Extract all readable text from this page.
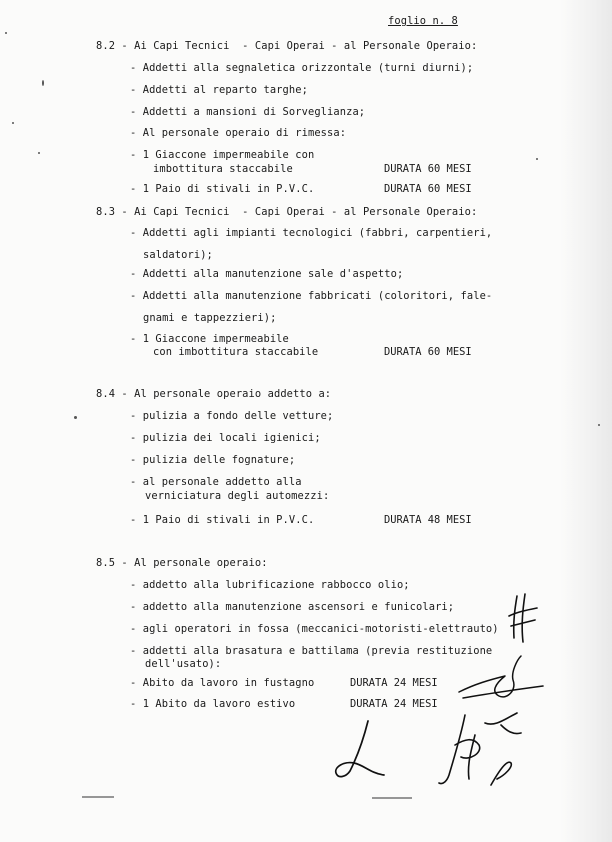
foglio n. 8
8.2 - Ai Capi Tecnici  - Capi Operai - al Personale Operaio:
- Addetti alla segnaletica orizzontale (turni diurni);
- Addetti al reparto targhe;
- Addetti a mansioni di Sorveglianza;
- Al personale operaio di rimessa:
- 1 Giaccone impermeabile con
imbottitura staccabile	DURATA 60 MESI
- 1 Paio di stivali in P.V.C.	DURATA 60 MESI
8.3 - Ai Capi Tecnici  - Capi Operai - al Personale Operaio:
- Addetti agli impianti tecnologici (fabbri, carpentieri,
saldatori);
- Addetti alla manutenzione sale d'aspetto;
- Addetti alla manutenzione fabbricati (coloritori, fale-
gnami e tappezzieri);
- 1 Giaccone impermeabile
con imbottitura staccabile	DURATA 60 MESI
8.4 - Al personale operaio addetto a:
- pulizia a fondo delle vetture;
- pulizia dei locali igienici;
- pulizia delle fognature;
- al personale addetto alla
verniciatura degli automezzi:
- 1 Paio di stivali in P.V.C.	DURATA 48 MESI
8.5 - Al personale operaio:
- addetto alla lubrificazione rabbocco olio;
- addetto alla manutenzione ascensori e funicolari;
- agli operatori in fossa (meccanici-motoristi-elettrauto)
- addetti alla brasatura e battilama (previa restituzione
dell'usato):
- Abito da lavoro in fustagno	DURATA 24 MESI
- 1 Abito da lavoro estivo	DURATA 24 MESI
